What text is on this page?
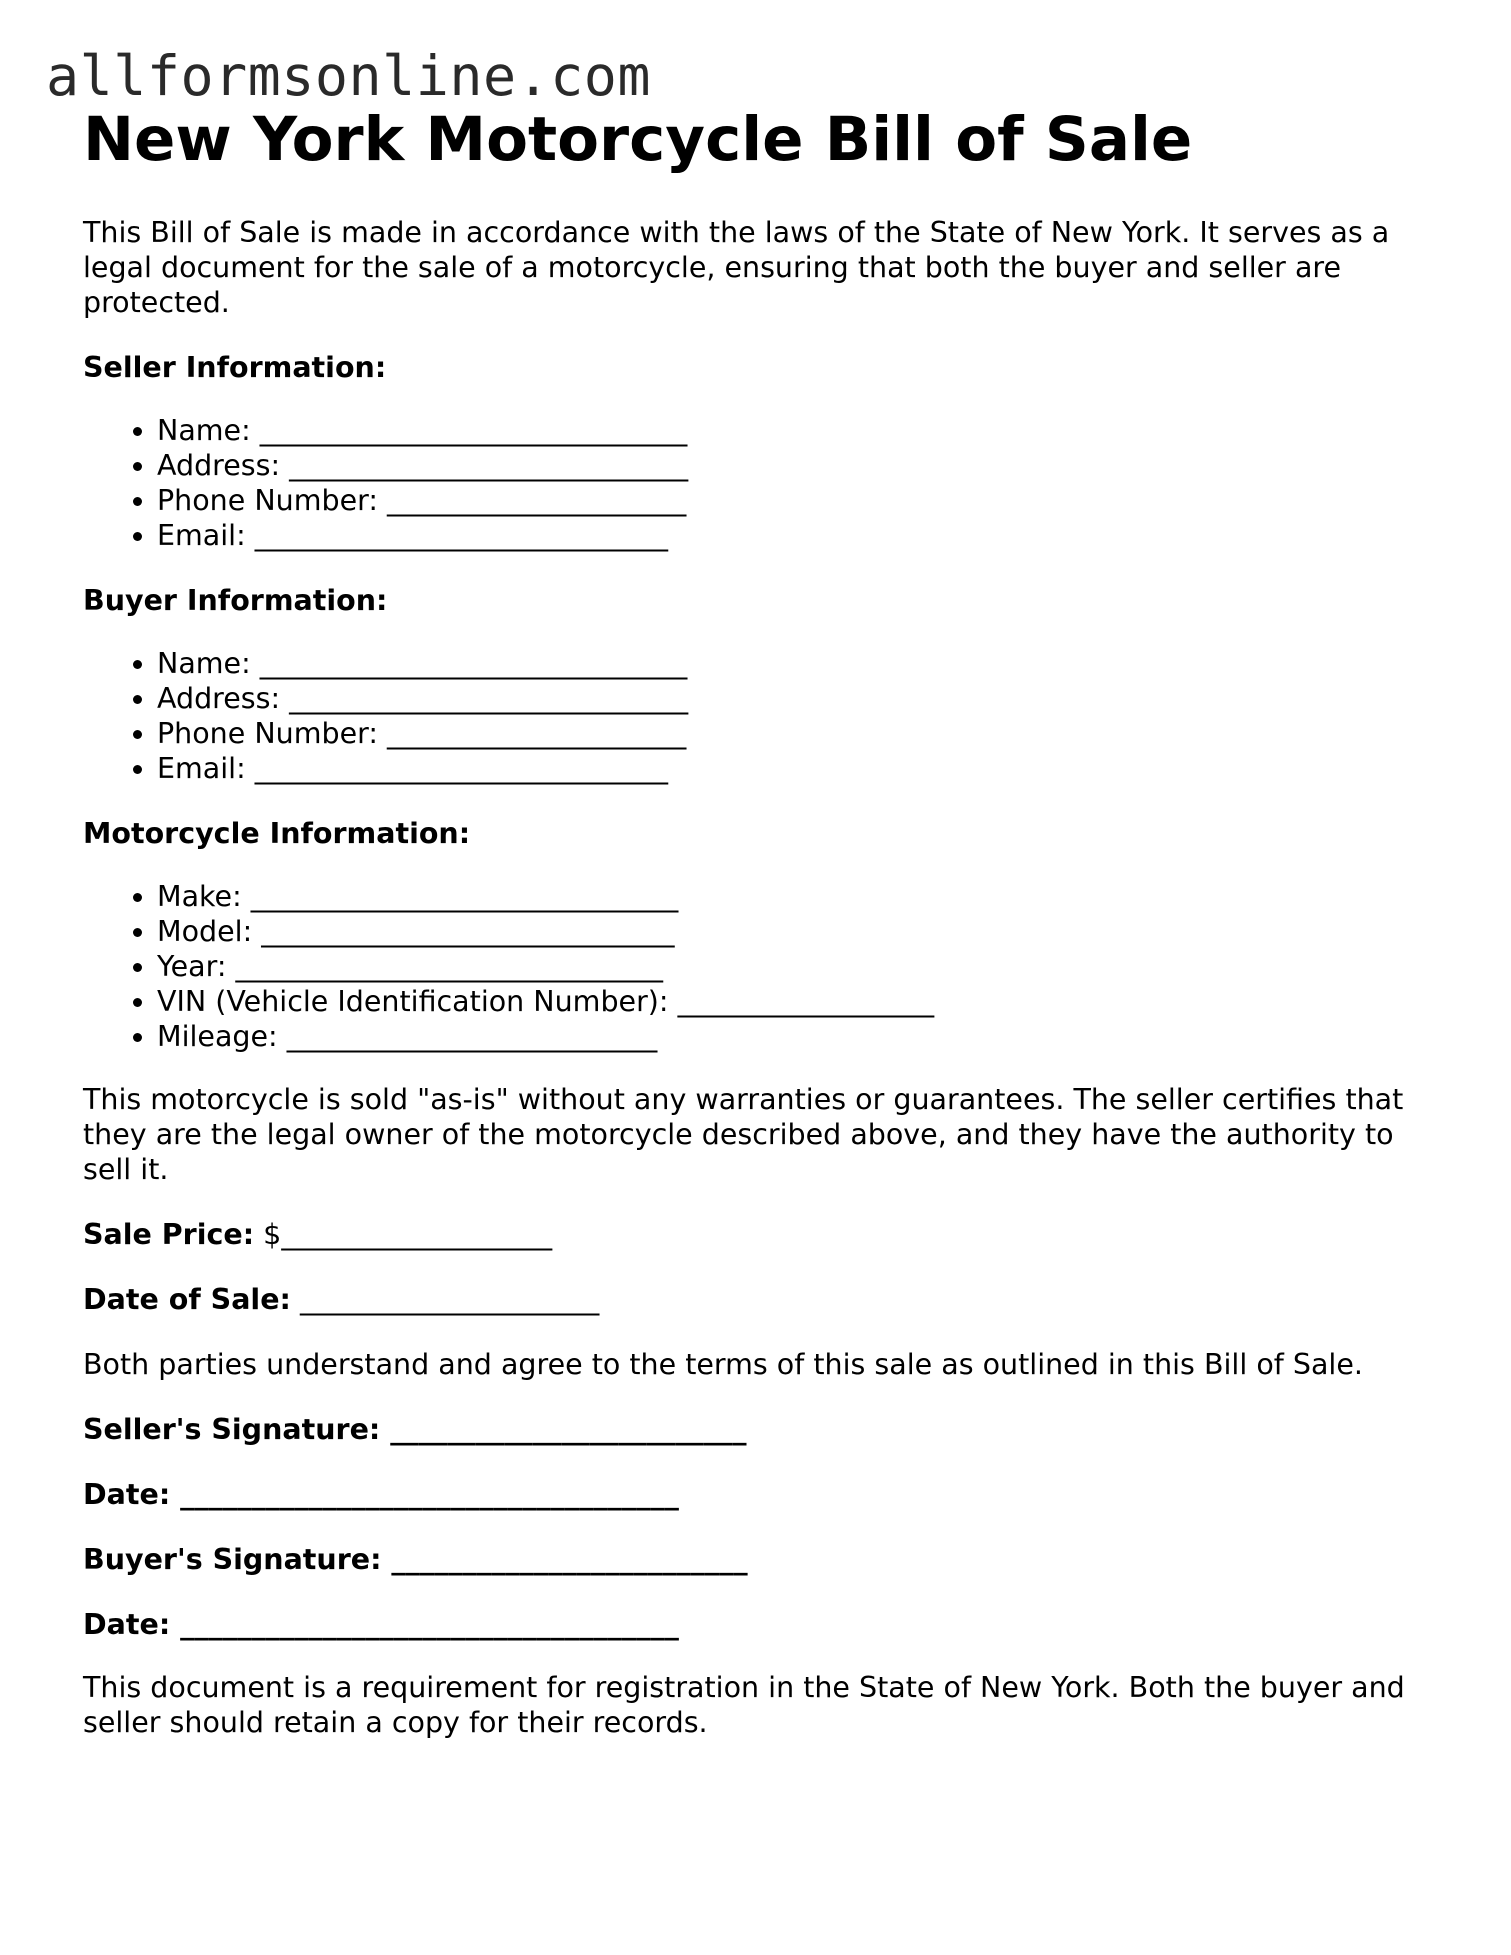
allformsonline.com
New York Motorcycle Bill of Sale

This Bill of Sale is made in accordance with the laws of the State of New York. It serves as a legal document for the sale of a motorcycle, ensuring that both the buyer and seller are protected.

Seller Information:

• Name: ______________________________
• Address: ____________________________
• Phone Number: _____________________
• Email: _____________________________

Buyer Information:

• Name: ______________________________
• Address: ____________________________
• Phone Number: _____________________
• Email: _____________________________

Motorcycle Information:

• Make: ______________________________
• Model: _____________________________
• Year: ______________________________
• VIN (Vehicle Identification Number): __________________
• Mileage: __________________________

This motorcycle is sold "as-is" without any warranties or guarantees. The seller certifies that they are the legal owner of the motorcycle described above, and they have the authority to sell it.

Sale Price: $___________________

Date of Sale: _____________________

Both parties understand and agree to the terms of this sale as outlined in this Bill of Sale.

Seller's Signature: _________________________

Date: ___________________________________

Buyer's Signature: _________________________

Date: ___________________________________

This document is a requirement for registration in the State of New York. Both the buyer and seller should retain a copy for their records.
